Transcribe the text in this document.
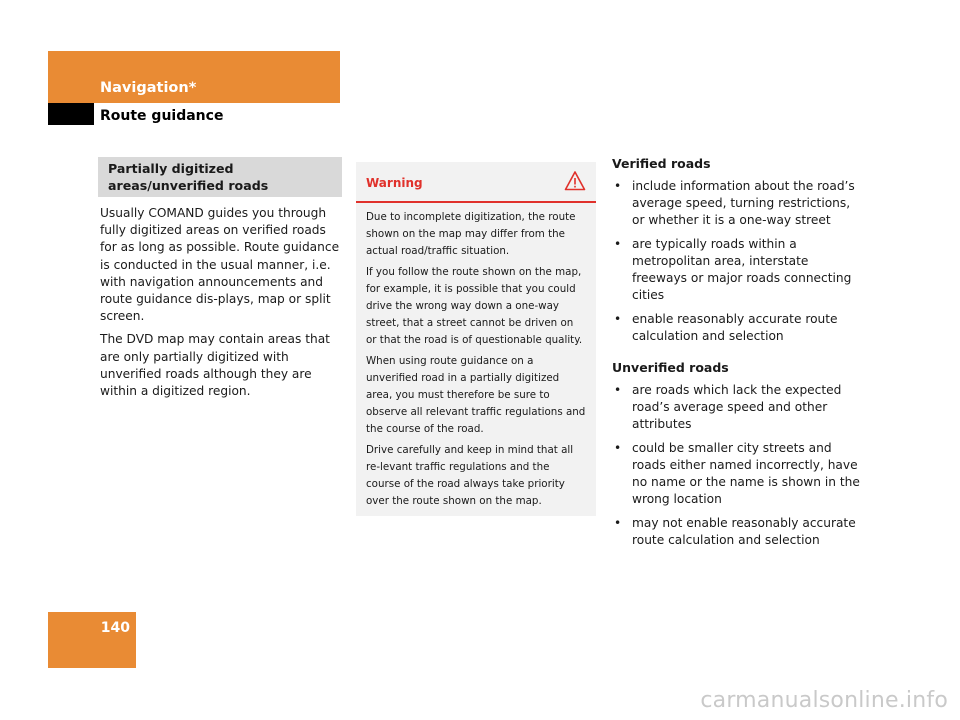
Navigation*
Route guidance
Partially digitized areas/unverified roads

Usually COMAND guides you through fully digitized areas on verified roads for as long as possible. Route guidance is conducted in the usual manner, i.e. with navigation announcements and route guidance dis-plays, map or split screen.

The DVD map may contain areas that are only partially digitized with unverified roads although they are within a digitized region.

Warning

Due to incomplete digitization, the route shown on the map may differ from the actual road/traffic situation.

If you follow the route shown on the map, for example, it is possible that you could drive the wrong way down a one-way street, that a street cannot be driven on or that the road is of questionable quality.

When using route guidance on a unverified road in a partially digitized area, you must therefore be sure to observe all relevant traffic regulations and the course of the road.

Drive carefully and keep in mind that all re-levant traffic regulations and the course of the road always take priority over the route shown on the map.

Verified roads
• include information about the road’s average speed, turning restrictions, or whether it is a one-way street
• are typically roads within a metropolitan area, interstate freeways or major roads connecting cities
• enable reasonably accurate route calculation and selection
Unverified roads
• are roads which lack the expected road’s average speed and other attributes
• could be smaller city streets and roads either named incorrectly, have no name or the name is shown in the wrong location
• may not enable reasonably accurate route calculation and selection
140
carmanualsonline.info
